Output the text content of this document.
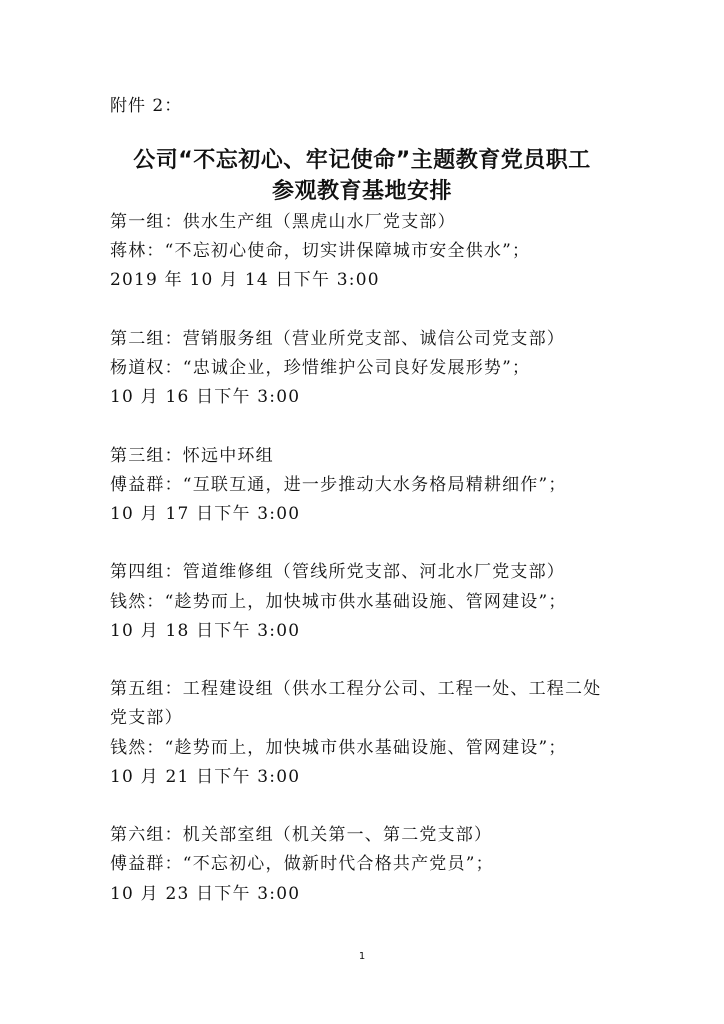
附件 2：
公司“不忘初心、牢记使命”主题教育党员职工
参观教育基地安排
第一组：供水生产组（黑虎山水厂党支部）
蒋林：“不忘初心使命，切实讲保障城市安全供水”；
2019 年 10 月 14 日下午 3:00
第二组：营销服务组（营业所党支部、诚信公司党支部）
杨道权：“忠诚企业，珍惜维护公司良好发展形势”；
10 月 16 日下午 3:00
第三组：怀远中环组
傅益群：“互联互通，进一步推动大水务格局精耕细作”；
10 月 17 日下午 3:00
第四组：管道维修组（管线所党支部、河北水厂党支部）
钱然：“趁势而上，加快城市供水基础设施、管网建设”；
10 月 18 日下午 3:00
第五组：工程建设组（供水工程分公司、工程一处、工程二处党支部）
钱然：“趁势而上，加快城市供水基础设施、管网建设”；
10 月 21 日下午 3:00
第六组：机关部室组（机关第一、第二党支部）
傅益群：“不忘初心，做新时代合格共产党员”；
10 月 23 日下午 3:00
1
